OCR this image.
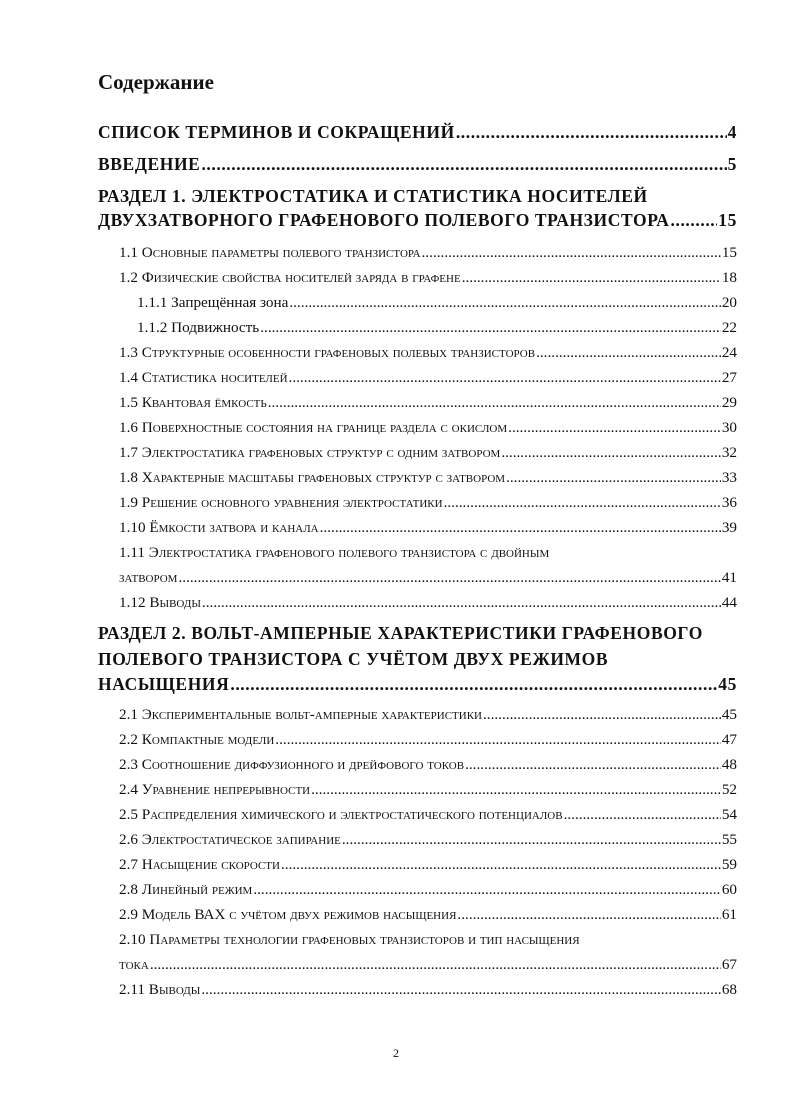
Содержание
СПИСОК ТЕРМИНОВ И СОКРАЩЕНИЙ .....	4
ВВЕДЕНИЕ .....	5
РАЗДЕЛ 1. ЭЛЕКТРОСТАТИКА И СТАТИСТИКА НОСИТЕЛЕЙ
ДВУХЗАТВОРНОГО ГРАФЕНОВОГО ПОЛЕВОГО ТРАНЗИСТОРА .....	15
1.1 Основные параметры полевого транзистора .....	15
1.2 Физические свойства носителей заряда в графене .....	18
1.1.1 Запрещённая зона .....	20
1.1.2 Подвижность .....	22
1.3 Структурные особенности графеновых полевых транзисторов .....	24
1.4 Статистика носителей .....	27
1.5 Квантовая ёмкость .....	29
1.6 Поверхностные состояния на границе раздела с окислом .....	30
1.7 Электростатика графеновых структур с одним затвором .....	32
1.8 Характерные масштабы графеновых структур с затвором .....	33
1.9 Решение основного уравнения электростатики .....	36
1.10 Ёмкости затвора и канала .....	39
1.11 Электростатика графенового полевого транзистора с двойным
затвором .....	41
1.12 Выводы .....	44
РАЗДЕЛ 2. ВОЛЬТ-АМПЕРНЫЕ ХАРАКТЕРИСТИКИ ГРАФЕНОВОГО
ПОЛЕВОГО ТРАНЗИСТОРА С УЧЁТОМ ДВУХ РЕЖИМОВ
НАСЫЩЕНИЯ .....	45
2.1 Экспериментальные вольт-амперные характеристики .....	45
2.2 Компактные модели .....	47
2.3 Соотношение диффузионного и дрейфового токов .....	48
2.4 Уравнение непрерывности .....	52
2.5 Распределения химического и электростатического потенциалов .....	54
2.6 Электростатическое запирание .....	55
2.7 Насыщение скорости .....	59
2.8 Линейный режим .....	60
2.9 Модель ВАХ с учётом двух режимов насыщения .....	61
2.10 Параметры технологии графеновых транзисторов и тип насыщения
тока .....	67
2.11 Выводы .....	68
2
